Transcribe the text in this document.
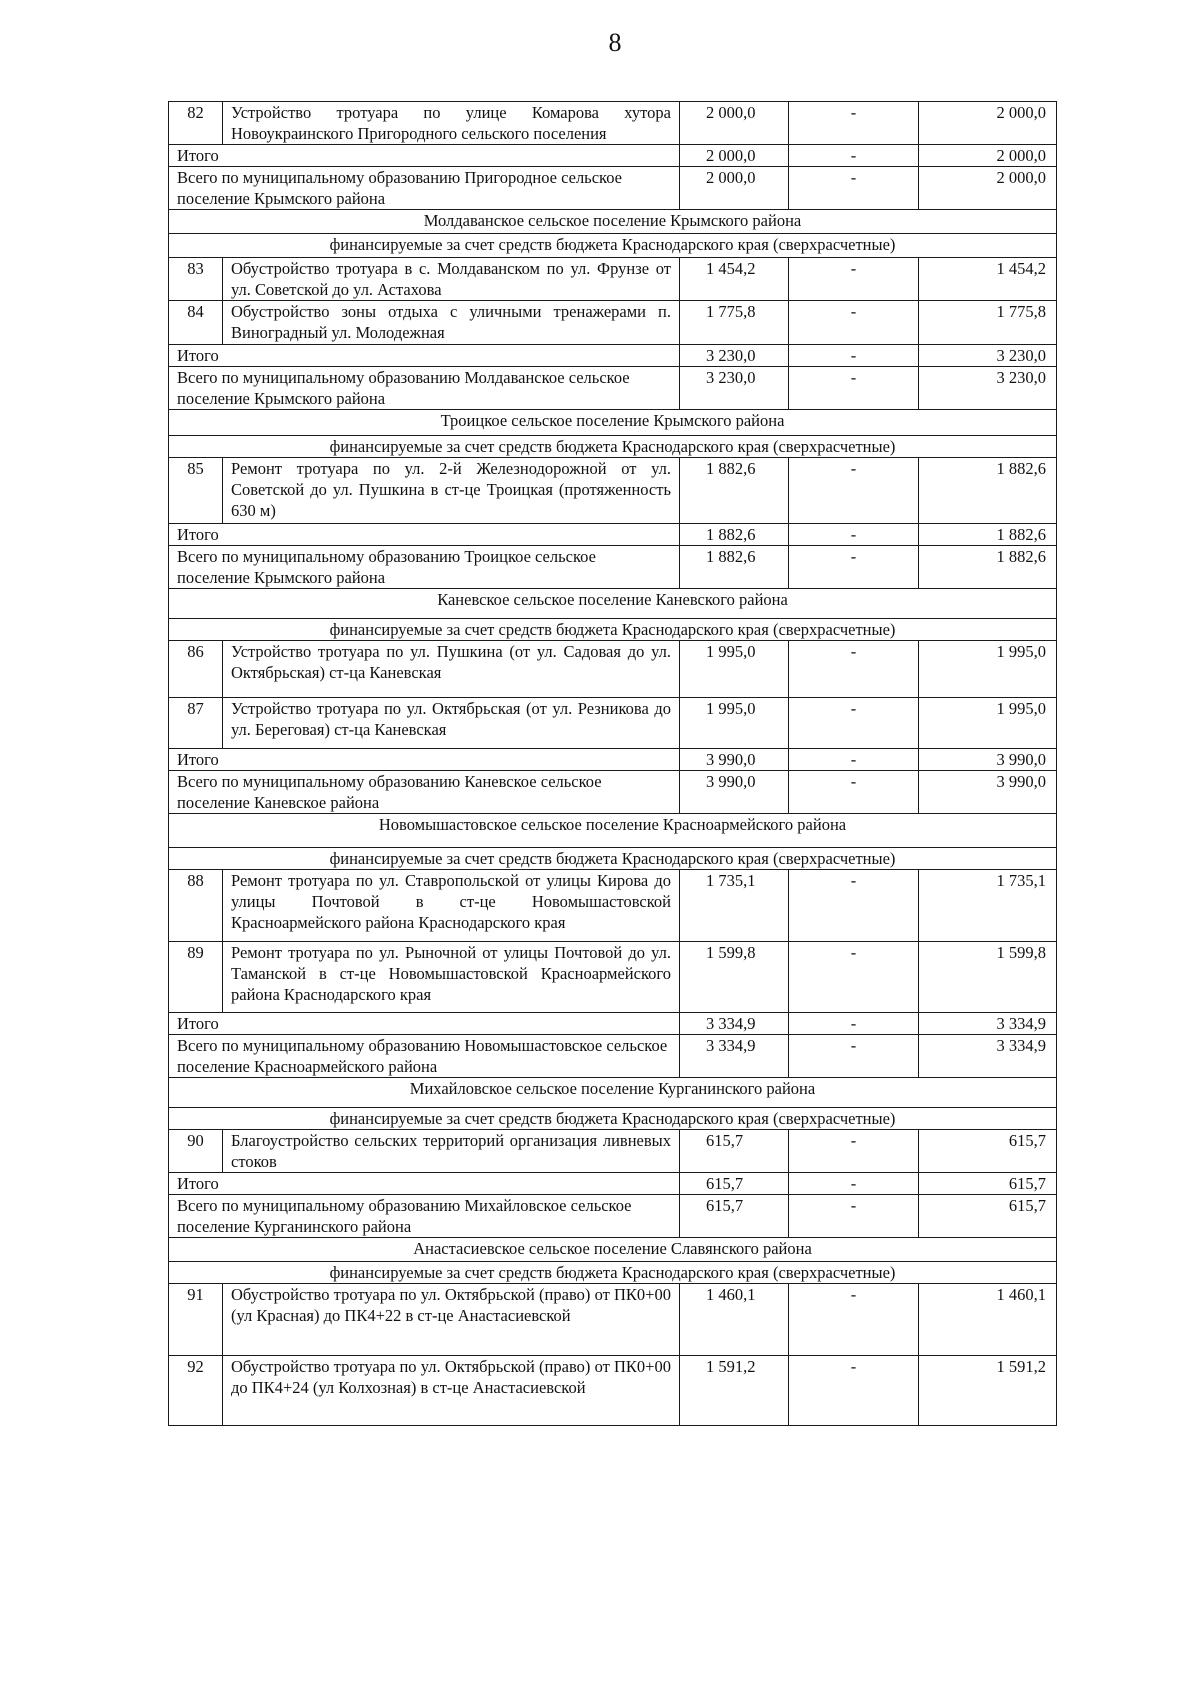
8
82	Устройство тротуара по улице Комарова хутора Новоукраинского Пригородного сельского поселения	2 000,0	-	2 000,0
Итого		2 000,0	-	2 000,0
Всего по муниципальному образованию Пригородное сельское поселение Крымского района		2 000,0	-	2 000,0
Молдаванское сельское поселение Крымского района				
финансируемые за счет средств бюджета Краснодарского края (сверхрасчетные)				
83	Обустройство тротуара в с. Молдаванском по ул. Фрунзе от ул. Советской до ул. Астахова	1 454,2	-	1 454,2
84	Обустройство зоны отдыха с уличными тренажерами п. Виноградный ул. Молодежная	1 775,8	-	1 775,8
Итого		3 230,0	-	3 230,0
Всего по муниципальному образованию Молдаванское сельское поселение Крымского района		3 230,0	-	3 230,0
Троицкое сельское поселение Крымского района				
финансируемые за счет средств бюджета Краснодарского края (сверхрасчетные)				
85	Ремонт тротуара по ул. 2-й Железнодорожной от ул. Советской до ул. Пушкина в ст-це Троицкая (протяженность 630 м)	1 882,6	-	1 882,6
Итого		1 882,6	-	1 882,6
Всего по муниципальному образованию Троицкое сельское поселение Крымского района		1 882,6	-	1 882,6
Каневское сельское поселение Каневского района				
финансируемые за счет средств бюджета Краснодарского края (сверхрасчетные)				
86	Устройство тротуара по ул. Пушкина (от ул. Садовая до ул. Октябрьская) ст-ца Каневская	1 995,0	-	1 995,0
87	Устройство тротуара по ул. Октябрьская (от ул. Резникова до ул. Береговая) ст-ца Каневская	1 995,0	-	1 995,0
Итого		3 990,0	-	3 990,0
Всего по муниципальному образованию Каневское сельское поселение Каневское района		3 990,0	-	3 990,0
Новомышастовское сельское поселение Красноармейского района				
финансируемые за счет средств бюджета Краснодарского края (сверхрасчетные)				
88	Ремонт тротуара по ул. Ставропольской от улицы Кирова до улицы Почтовой в ст-це Новомышастовской Красноармейского района Краснодарского края	1 735,1	-	1 735,1
89	Ремонт тротуара по ул. Рыночной от улицы Почтовой до ул. Таманской в ст-це Новомышастовской Красноармейского района Краснодарского края	1 599,8	-	1 599,8
Итого		3 334,9	-	3 334,9
Всего по муниципальному образованию Новомышастовское сельское поселение Красноармейского района		3 334,9	-	3 334,9
Михайловское сельское поселение Курганинского района				
финансируемые за счет средств бюджета Краснодарского края (сверхрасчетные)				
90	Благоустройство сельских территорий организация ливневых стоков	615,7	-	615,7
Итого		615,7	-	615,7
Всего по муниципальному образованию Михайловское сельское поселение Курганинского района		615,7	-	615,7
Анастасиевское сельское поселение Славянского района				
финансируемые за счет средств бюджета Краснодарского края (сверхрасчетные)				
91	Обустройство тротуара по ул. Октябрьской (право) от ПК0+00 (ул Красная) до ПК4+22 в ст-це Анастасиевской	1 460,1	-	1 460,1
92	Обустройство тротуара по ул. Октябрьской (право) от ПК0+00 до ПК4+24 (ул Колхозная) в ст-це Анастасиевской	1 591,2	-	1 591,2
